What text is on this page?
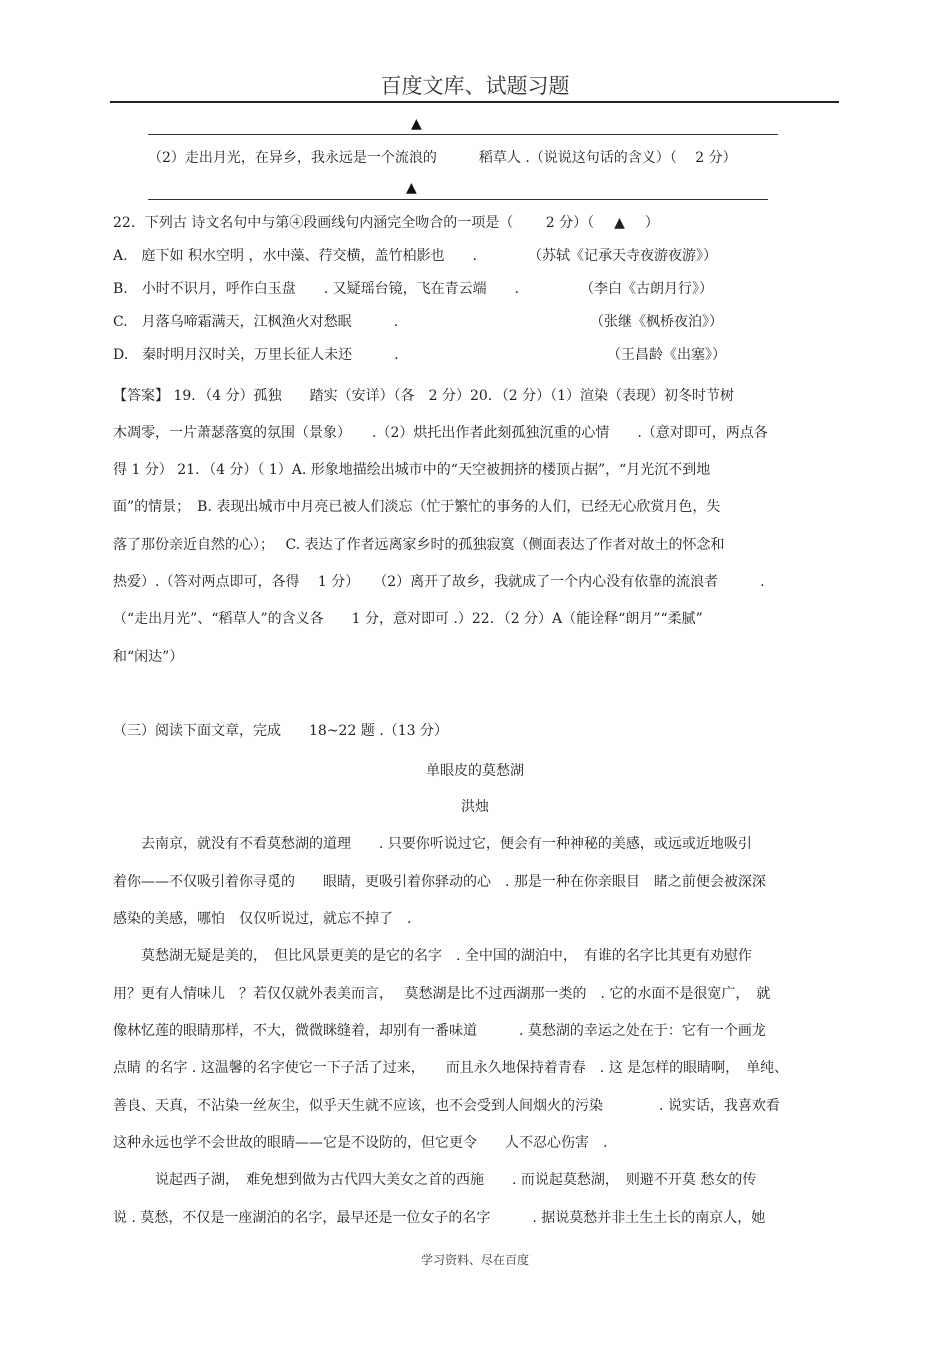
百度文库、试题习题
▲
（2）走出月光，在异乡，我永远是一个流浪的　　　稻草人 .（说说这句话的含义）（　 2 分）
▲
22．下列古 诗文名句中与第④段画线句内涵完全吻合的一项是（　　 2 分）（　▲　）
A.　庭下如 积水空明 ，水中藻、荇交横，盖竹柏影也　　.	（苏轼《记承天寺夜游夜游》）
B.　小时不识月，呼作白玉盘　　. 又疑瑶台镜，飞在青云端　　.	（李白《古朗月行》）
C.　月落乌啼霜满天，江枫渔火对愁眠　　　.	（张继《枫桥夜泊》）
D.　秦时明月汉时关，万里长征人未还　　　.	（王昌龄《出塞》）
【答案】 19．（4 分）孤独　　踏实（安详）（各　2 分）20．（2 分）（1）渲染（表现）初冬时节树
木凋零，一片萧瑟落寞的氛围（景象）　　.（2）烘托出作者此刻孤独沉重的心情　　.（意对即可，两点各
得 1 分） 21．（4 分）（ 1）A. 形象地描绘出城市中的“天空被拥挤的楼顶占据”，“月光沉不到地
面”的情景；　B. 表现出城市中月亮已被人们淡忘（忙于繁忙的事务的人们，已经无心欣赏月色，失
落了那份亲近自然的心）；　 C. 表达了作者远离家乡时的孤独寂寞（侧面表达了作者对故土的怀念和
热爱）.（答对两点即可，各得　 1 分）　　（2）离开了故乡，我就成了一个内心没有依靠的流浪者　　　.
（“走出月光”、“稻草人”的含义各　　1 分，意对即可 .）22．（2 分）A（能诠释“朗月”“柔腻”
和“闲达”）
（三）阅读下面文章，完成　　18~22 题 .（13 分）
单眼皮的莫愁湖
洪烛
　　去南京，就没有不看莫愁湖的道理　　. 只要你听说过它，便会有一种神秘的美感，或远或近地吸引
着你——不仅吸引着你寻觅的　　眼睛，更吸引着你驿动的心　. 那是一种在你亲眼目　睹之前便会被深深
感染的美感，哪怕　仅仅听说过，就忘不掉了　.
　　莫愁湖无疑是美的，　但比风景更美的是它的名字　. 全中国的湖泊中，　有谁的名字比其更有劝慰作
用？更有人情味儿　？若仅仅就外表美而言，　 莫愁湖是比不过西湖那一类的　. 它的水面不是很宽广，　就
像林忆莲的眼睛那样，不大，微微眯缝着，却别有一番味道　　　. 莫愁湖的幸运之处在于：它有一个画龙
点睛 的名字 . 这温馨的名字使它一下子活了过来，　　而且永久地保持着青春　. 这 是怎样的眼睛啊，　单纯、
善良、天真，不沾染一丝灰尘，似乎天生就不应该，也不会受到人间烟火的污染　　　　. 说实话，我喜欢看
这种永远也学不会世故的眼睛——它是不设防的，但它更令　　人不忍心伤害　.
　　　说起西子湖，　难免想到做为古代四大美女之首的西施　　. 而说起莫愁湖，　则避不开莫 愁女的传
说 . 莫愁，不仅是一座湖泊的名字，最早还是一位女子的名字　　　. 据说莫愁并非土生土长的南京人，她
学习资料、尽在百度
